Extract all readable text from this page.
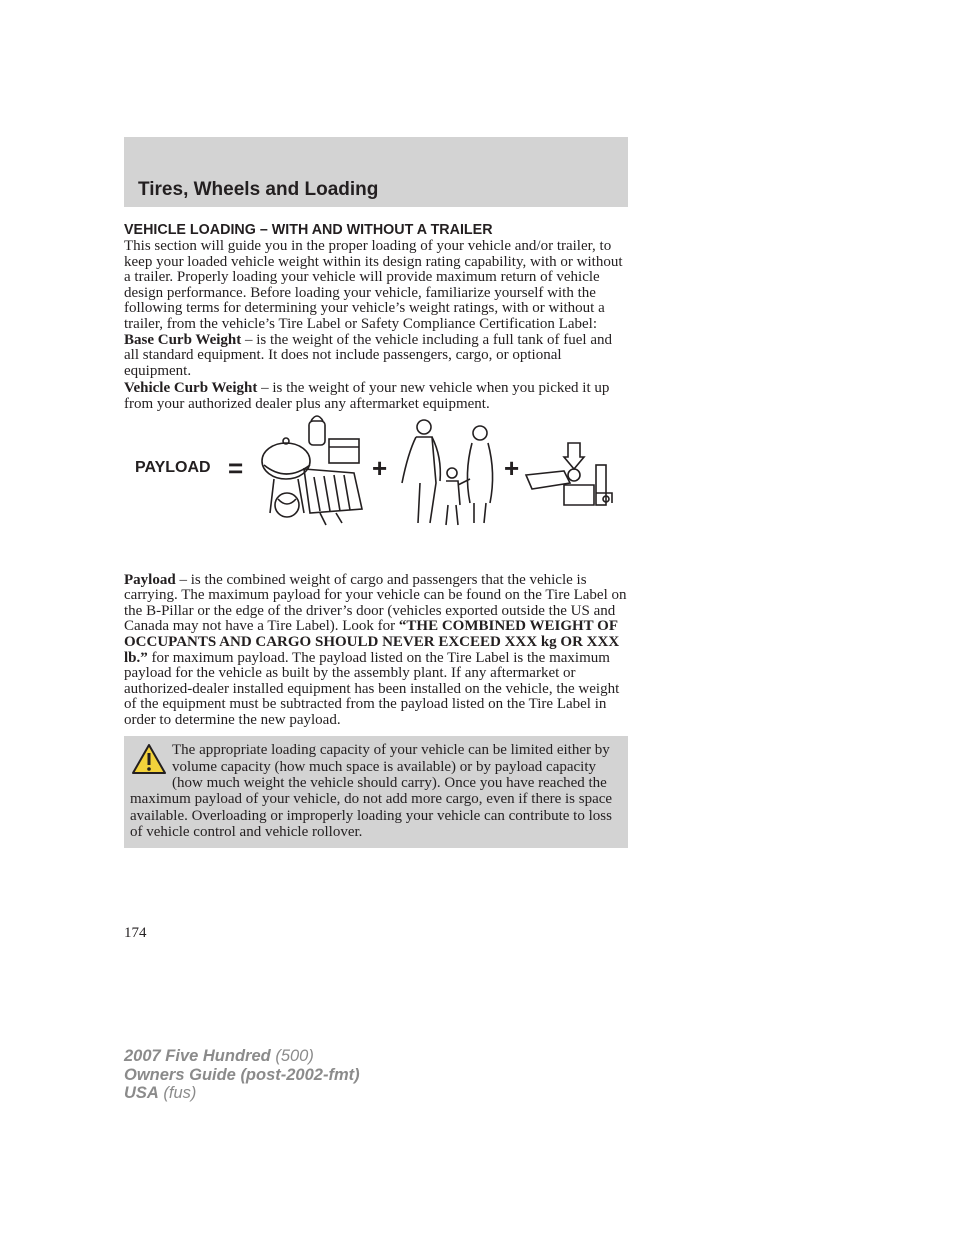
Tires, Wheels and Loading
VEHICLE LOADING – WITH AND WITHOUT A TRAILER

This section will guide you in the proper loading of your vehicle and/or trailer, to keep your loaded vehicle weight within its design rating capability, with or without a trailer. Properly loading your vehicle will provide maximum return of vehicle design performance. Before loading your vehicle, familiarize yourself with the following terms for determining your vehicle’s weight ratings, with or without a trailer, from the vehicle’s Tire Label or Safety Compliance Certification Label:

Base Curb Weight – is the weight of the vehicle including a full tank of fuel and all standard equipment. It does not include passengers, cargo, or optional equipment.

Vehicle Curb Weight – is the weight of your new vehicle when you picked it up from your authorized dealer plus any aftermarket equipment.

PAYLOAD =	+	+

Payload – is the combined weight of cargo and passengers that the vehicle is carrying. The maximum payload for your vehicle can be found on the Tire Label on the B-Pillar or the edge of the driver’s door (vehicles exported outside the US and Canada may not have a Tire Label). Look for “THE COMBINED WEIGHT OF OCCUPANTS AND CARGO SHOULD NEVER EXCEED XXX kg OR XXX lb.” for maximum payload. The payload listed on the Tire Label is the maximum payload for the vehicle as built by the assembly plant. If any aftermarket or authorized-dealer installed equipment has been installed on the vehicle, the weight of the equipment must be subtracted from the payload listed on the Tire Label in order to determine the new payload.

The appropriate loading capacity of your vehicle can be limited either by volume capacity (how much space is available) or by payload capacity (how much weight the vehicle should carry). Once you have reached the maximum payload of your vehicle, do not add more cargo, even if there is space available. Overloading or improperly loading your vehicle can contribute to loss of vehicle control and vehicle rollover.

174

2007 Five Hundred (500)
Owners Guide (post-2002-fmt)
USA (fus)
